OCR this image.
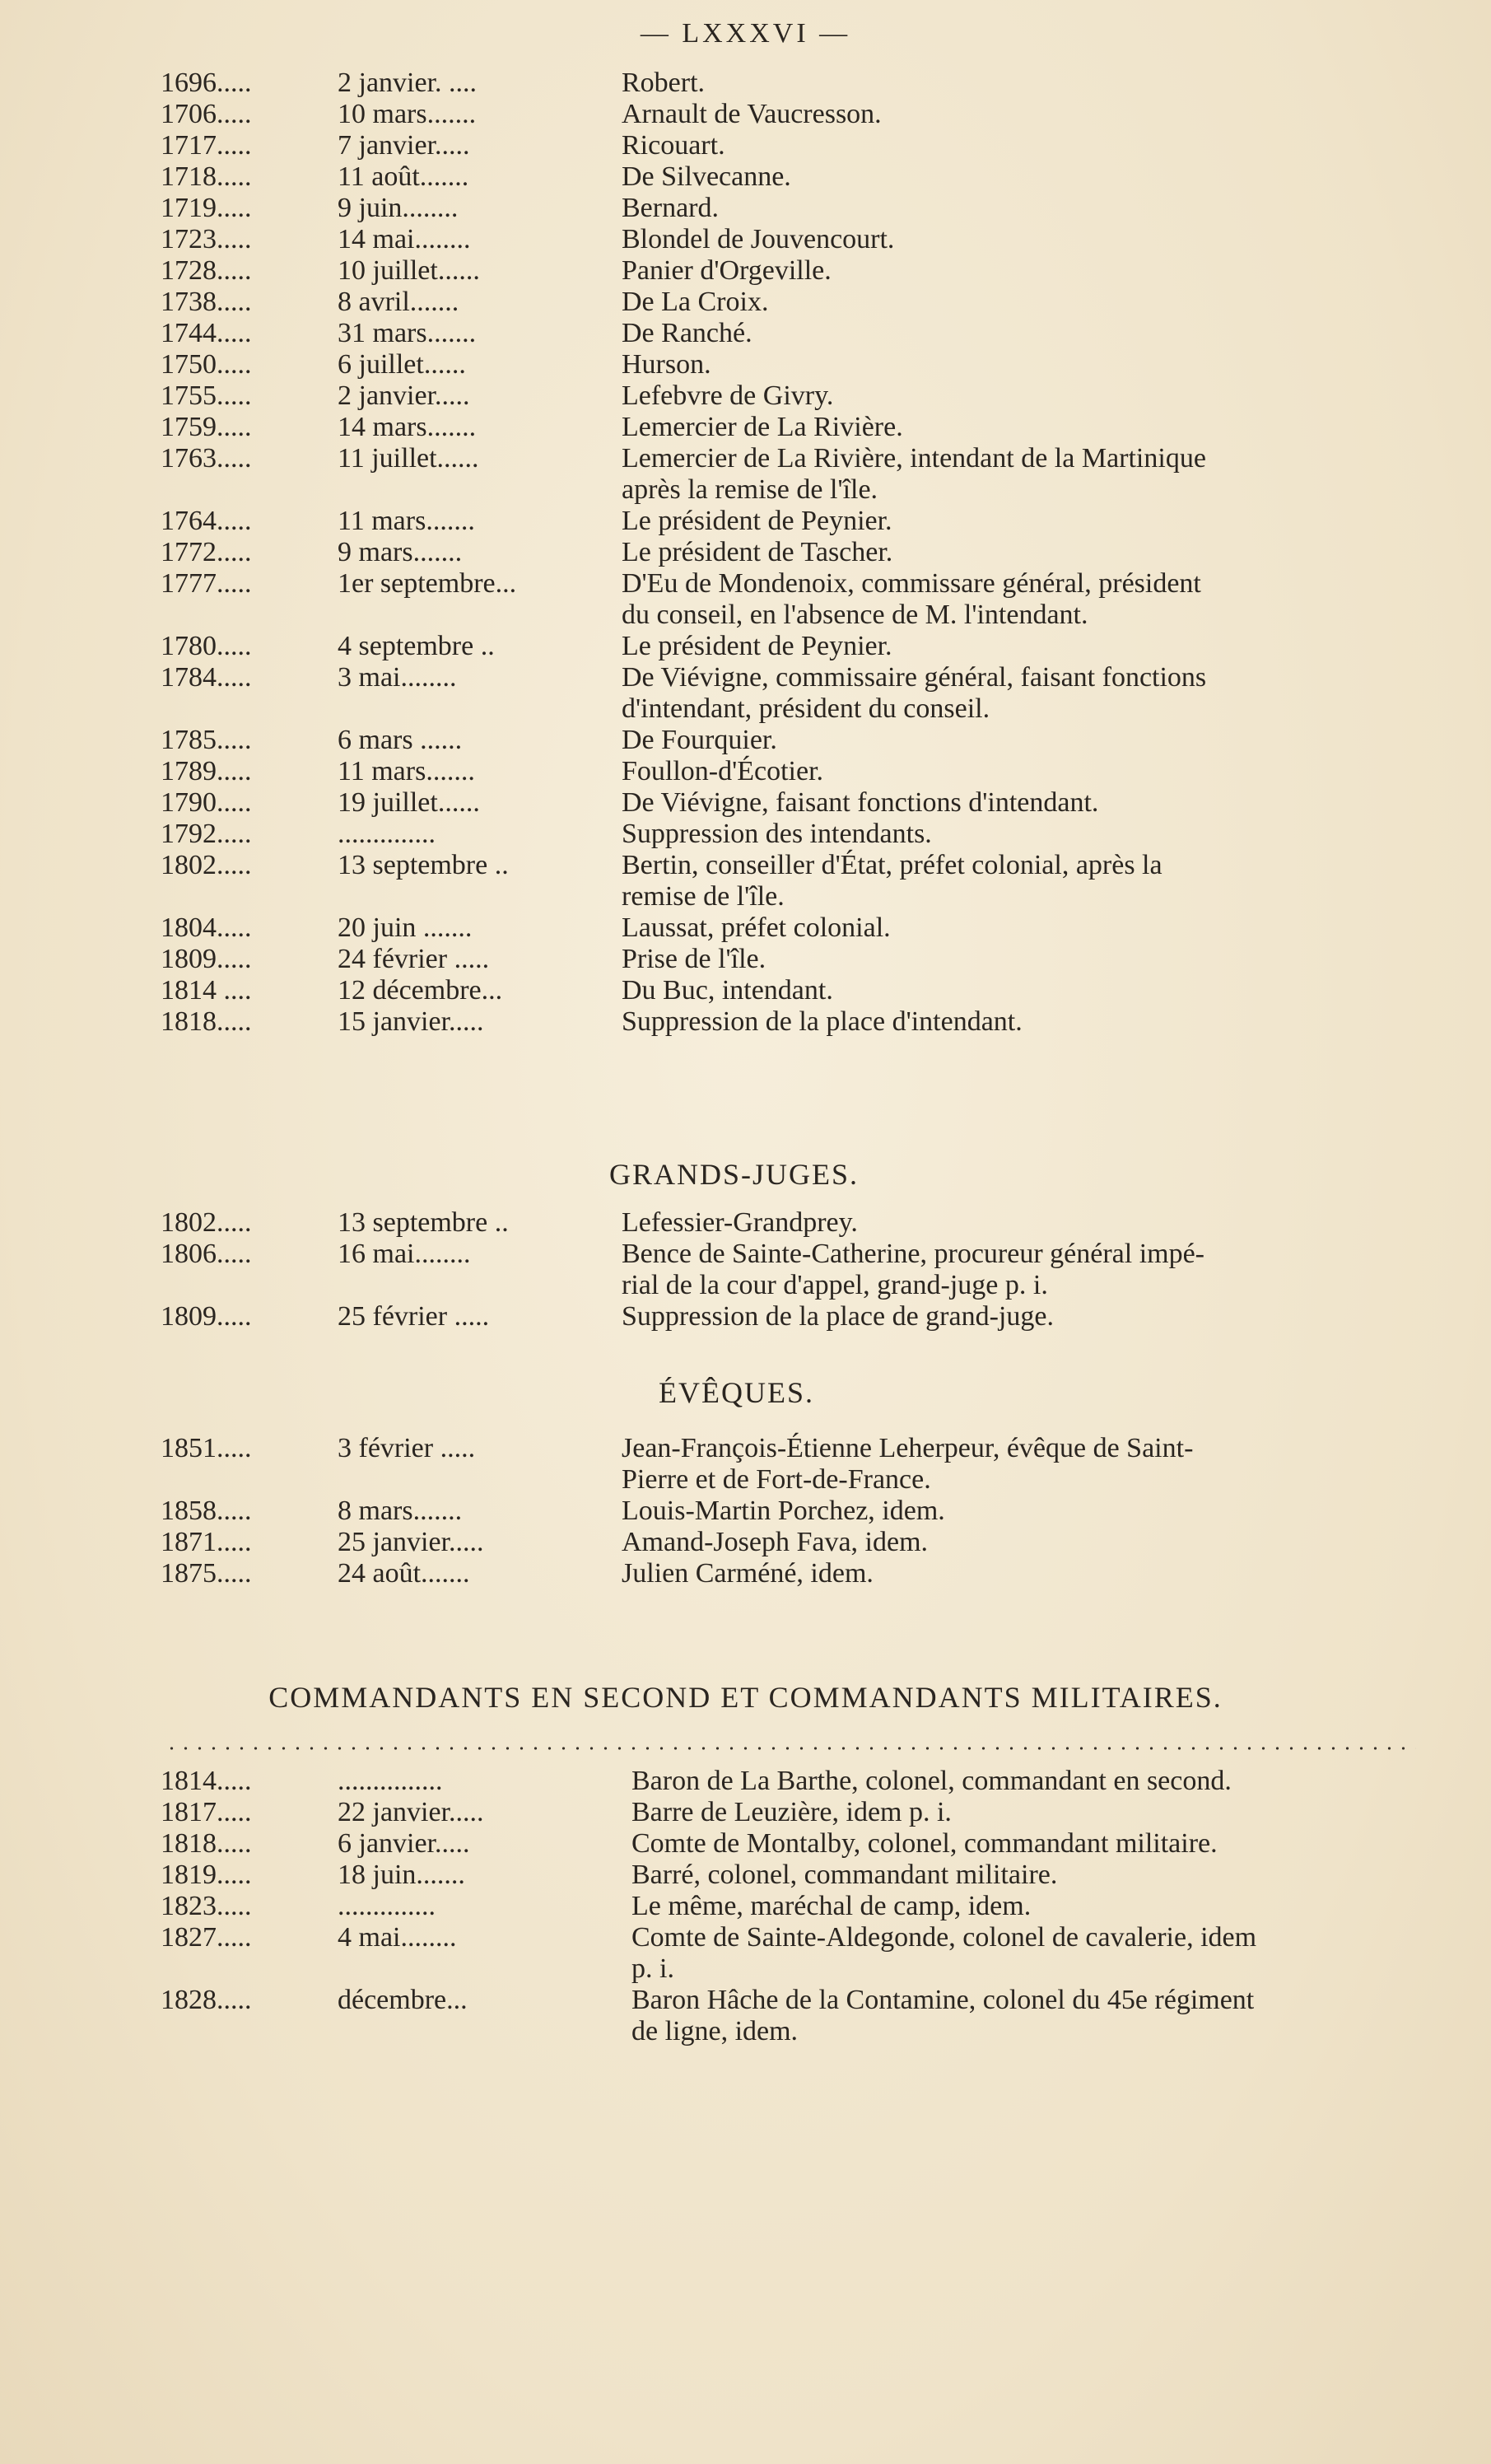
— LXXXVI —
1696.....	2 janvier. ....	Robert.
1706.....	10 mars.......	Arnault de Vaucresson.
1717.....	7 janvier.....	Ricouart.
1718.....	11 août.......	De Silvecanne.
1719.....	9 juin........	Bernard.
1723.....	14 mai........	Blondel de Jouvencourt.
1728.....	10 juillet......	Panier d'Orgeville.
1738.....	8 avril.......	De La Croix.
1744.....	31 mars.......	De Ranché.
1750.....	6 juillet......	Hurson.
1755.....	2 janvier.....	Lefebvre de Givry.
1759.....	14 mars.......	Lemercier de La Rivière.
1763.....	11 juillet......	Lemercier de La Rivière, intendant de la Martinique
après la remise de l'île.
1764.....	11 mars.......	Le président de Peynier.
1772.....	9 mars.......	Le président de Tascher.
1777.....	1er septembre...	D'Eu de Mondenoix, commissare général, président
du conseil, en l'absence de M. l'intendant.
1780.....	4 septembre ..	Le président de Peynier.
1784.....	3 mai........	De Viévigne, commissaire général, faisant fonctions
d'intendant, président du conseil.
1785.....	6 mars ......	De Fourquier.
1789.....	11 mars.......	Foullon-d'Écotier.
1790.....	19 juillet......	De Viévigne, faisant fonctions d'intendant.
1792.....	..............	Suppression des intendants.
1802.....	13 septembre ..	Bertin, conseiller d'État, préfet colonial, après la
remise de l'île.
1804.....	20 juin .......	Laussat, préfet colonial.
1809.....	24 février .....	Prise de l'île.
1814 ....	12 décembre...	Du Buc, intendant.
1818.....	15 janvier.....	Suppression de la place d'intendant.
GRANDS-JUGES.
1802.....	13 septembre ..	Lefessier-Grandprey.
1806.....	16 mai........	Bence de Sainte-Catherine, procureur général impé-
rial de la cour d'appel, grand-juge p. i.
1809.....	25 février .....	Suppression de la place de grand-juge.
ÉVÊQUES.
1851.....	3 février .....	Jean-François-Étienne Leherpeur, évêque de Saint-
Pierre et de Fort-de-France.
1858.....	8 mars.......	Louis-Martin Porchez, idem.
1871.....	25 janvier.....	Amand-Joseph Fava, idem.
1875.....	24 août.......	Julien Carméné, idem.
COMMANDANTS EN SECOND ET COMMANDANTS MILITAIRES.
1814.....	...............	Baron de La Barthe, colonel, commandant en second.
1817.....	22 janvier.....	Barre de Leuzière, idem p. i.
1818.....	6 janvier.....	Comte de Montalby, colonel, commandant militaire.
1819.....	18 juin.......	Barré, colonel, commandant militaire.
1823.....	..............	Le même, maréchal de camp, idem.
1827.....	4 mai........	Comte de Sainte-Aldegonde, colonel de cavalerie, idem
p. i.
1828.....	décembre...	Baron Hâche de la Contamine, colonel du 45e régiment
de ligne, idem.
